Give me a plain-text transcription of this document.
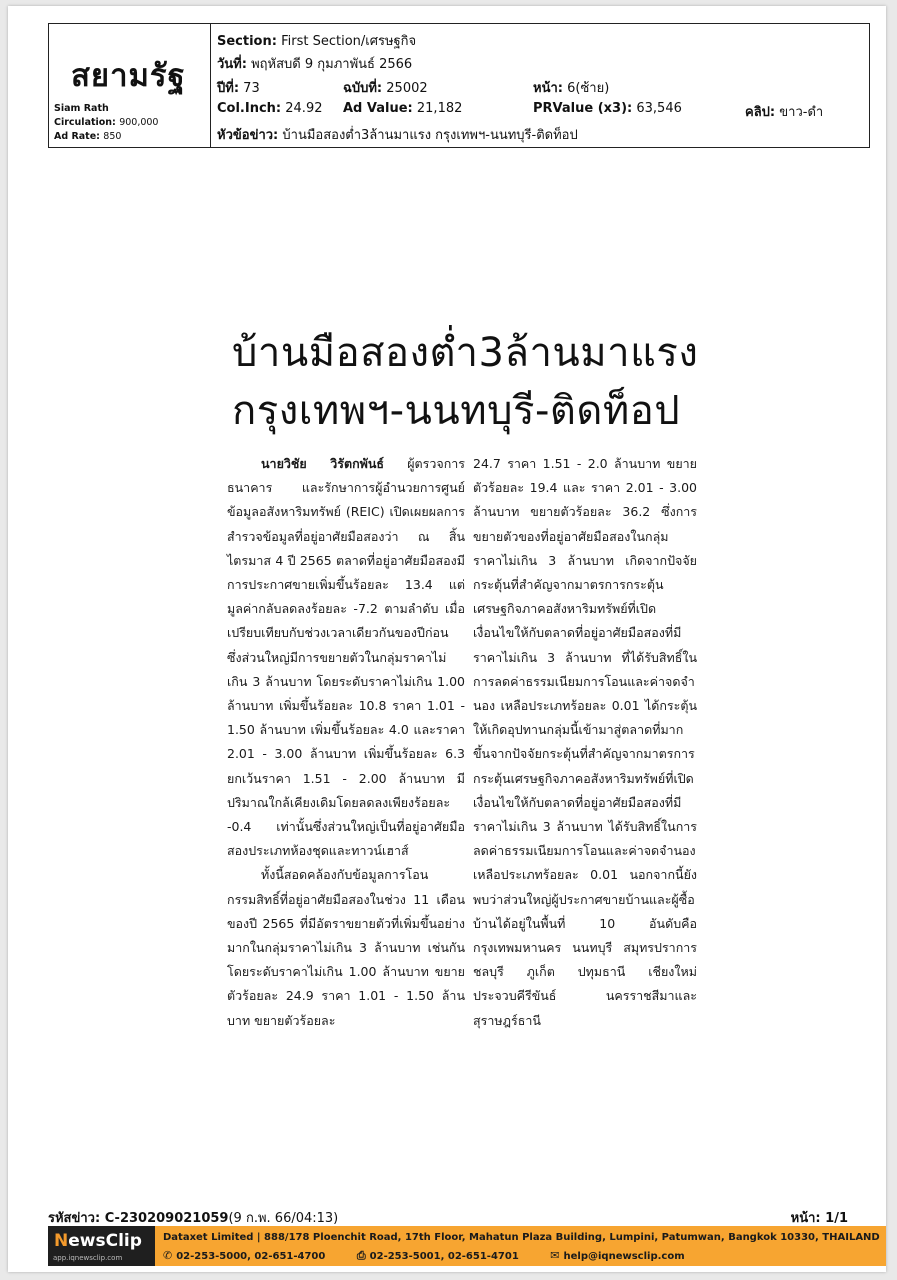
สยามรัฐ
Siam Rath
Circulation: 900,000
Ad Rate: 850
Section: First Section/เศรษฐกิจ
วันที่: พฤหัสบดี 9 กุมภาพันธ์ 2566
ปีที่: 73	ฉบับที่: 25002	หน้า: 6(ซ้าย)
Col.Inch: 24.92 Ad Value: 21,182	PRValue (x3): 63,546	คลิป: ขาว-ดำ
หัวข้อข่าว: บ้านมือสองต่ำ3ล้านมาแรง กรุงเทพฯ-นนทบุรี-ติดท็อป
บ้านมือสองต่ำ3ล้านมาแรง
กรุงเทพฯ-นนทบุรี-ติดท็อป

นายวิชัย วิรัตกพันธ์ ผู้ตรวจการธนาคาร และรักษาการผู้อำนวยการศูนย์ข้อมูลอสังหาริมทรัพย์ (REIC) เปิดเผยผลการสำรวจข้อมูลที่อยู่อาศัยมือสองว่า ณ สิ้นไตรมาส 4 ปี 2565 ตลาดที่อยู่อาศัยมือสองมีการประกาศขายเพิ่มขึ้นร้อยละ 13.4 แต่มูลค่ากลับลดลงร้อยละ -7.2 ตามลำดับ เมื่อเปรียบเทียบกับช่วงเวลาเดียวกันของปีก่อน ซึ่งส่วนใหญ่มีการขยายตัวในกลุ่มราคาไม่เกิน 3 ล้านบาท โดยระดับราคาไม่เกิน 1.00 ล้านบาท เพิ่มขึ้นร้อยละ 10.8 ราคา 1.01 - 1.50 ล้านบาท เพิ่มขึ้นร้อยละ 4.0 และราคา 2.01 - 3.00 ล้านบาท เพิ่มขึ้นร้อยละ 6.3 ยกเว้นราคา 1.51 - 2.00 ล้านบาท มีปริมาณใกล้เคียงเดิมโดยลดลงเพียงร้อยละ -0.4 เท่านั้นซึ่งส่วนใหญ่เป็นที่อยู่อาศัยมือสองประเภทห้องชุดและทาวน์เฮาส์

ทั้งนี้สอดคล้องกับข้อมูลการโอนกรรมสิทธิ์ที่อยู่อาศัยมือสองในช่วง 11 เดือนของปี 2565 ที่มีอัตราขยายตัวที่เพิ่มขึ้นอย่างมากในกลุ่มราคาไม่เกิน 3 ล้านบาท เช่นกัน โดยระดับราคาไม่เกิน 1.00 ล้านบาท ขยายตัวร้อยละ 24.9 ราคา 1.01 - 1.50 ล้านบาท ขยายตัวร้อยละ

24.7 ราคา 1.51 - 2.0 ล้านบาท ขยายตัวร้อยละ 19.4 และ ราคา 2.01 - 3.00 ล้านบาท ขยายตัวร้อยละ 36.2 ซึ่งการขยายตัวของที่อยู่อาศัยมือสองในกลุ่มราคาไม่เกิน 3 ล้านบาท เกิดจากปัจจัยกระตุ้นที่สำคัญจากมาตรการกระตุ้นเศรษฐกิจภาคอสังหาริมทรัพย์ที่เปิดเงื่อนไขให้กับตลาดที่อยู่อาศัยมือสองที่มีราคาไม่เกิน 3 ล้านบาท ที่ได้รับสิทธิ์ในการลดค่าธรรมเนียมการโอนและค่าจดจำนอง เหลือประเภทร้อยละ 0.01 ได้กระตุ้นให้เกิดอุปทานกลุ่มนี้เข้ามาสู่ตลาดที่มากขึ้นจากปัจจัยกระตุ้นที่สำคัญจากมาตรการกระตุ้นเศรษฐกิจภาคอสังหาริมทรัพย์ที่เปิดเงื่อนไขให้กับตลาดที่อยู่อาศัยมือสองที่มีราคาไม่เกิน 3 ล้านบาท ได้รับสิทธิ์ในการลดค่าธรรมเนียมการโอนและค่าจดจำนองเหลือประเภทร้อยละ 0.01 นอกจากนี้ยังพบว่าส่วนใหญ่ผู้ประกาศขายบ้านและผู้ซื้อบ้านได้อยู่ในพื้นที่ 10 อันดับคือ กรุงเทพมหานคร นนทบุรี สมุทรปราการ ชลบุรี ภูเก็ต ปทุมธานี เชียงใหม่ ประจวบคีรีขันธ์ นครราชสีมาและ สุราษฎร์ธานี

รหัสข่าว: C-230209021059(9 ก.พ. 66/04:13)	หน้า: 1/1
NewsClip
app.iqnewsclip.com
Dataxet Limited | 888/178 Ploenchit Road, 17th Floor, Mahatun Plaza Building, Lumpini, Patumwan, Bangkok 10330, THAILAND
✆ 02-253-5000, 02-651-4700	⎙ 02-253-5001, 02-651-4701	✉ help@iqnewsclip.com
